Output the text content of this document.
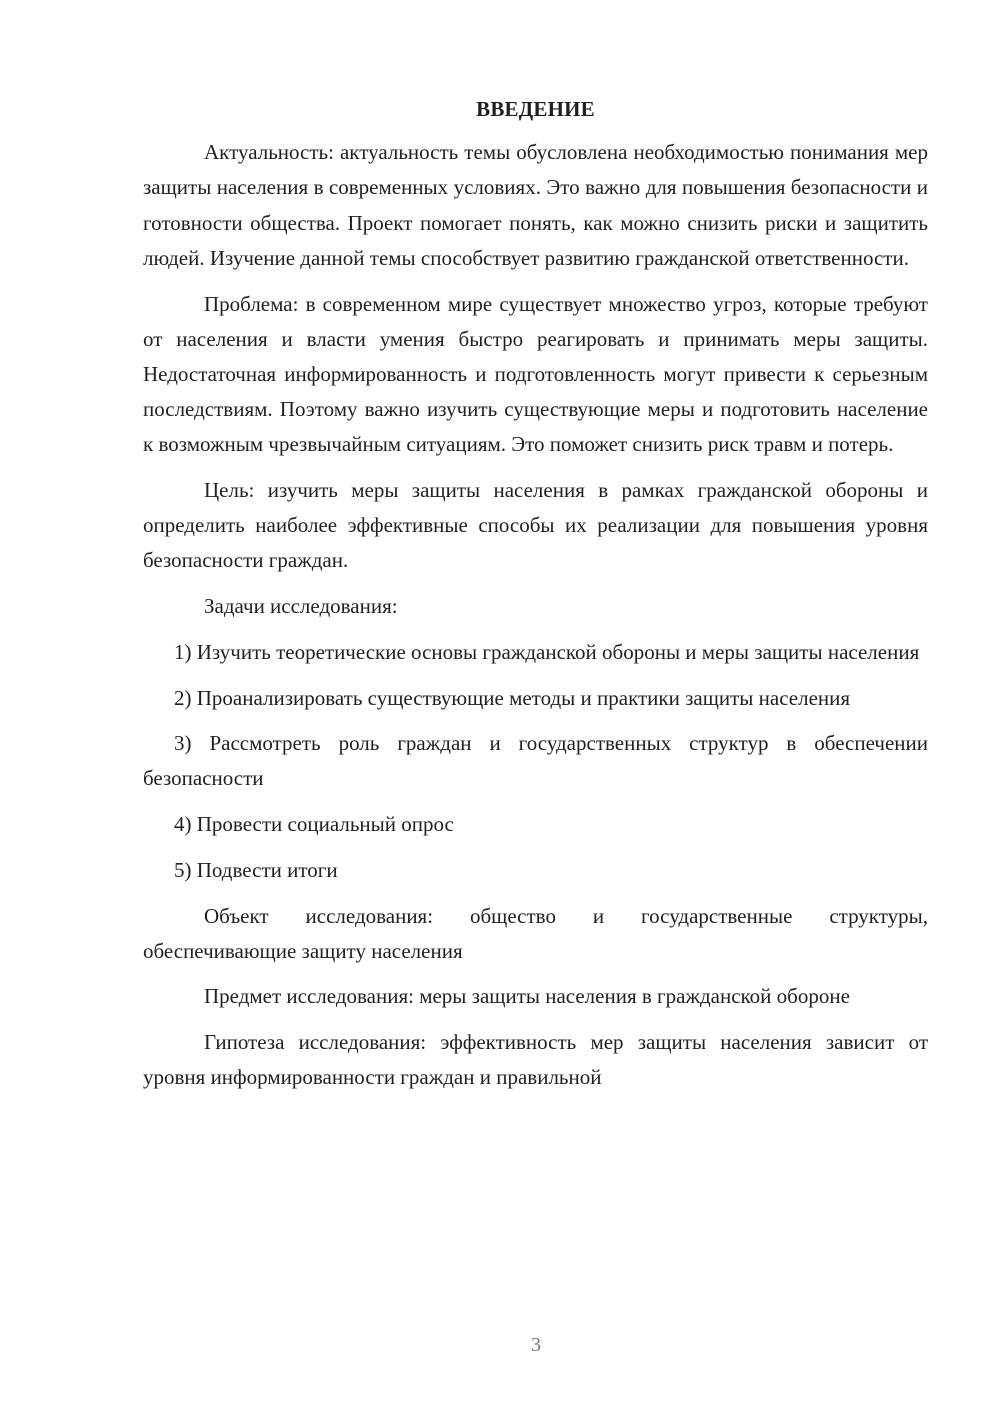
ВВЕДЕНИЕ

Актуальность: актуальность темы обусловлена необходимостью понимания мер защиты населения в современных условиях. Это важно для повышения безопасности и готовности общества. Проект помогает понять, как можно снизить риски и защитить людей. Изучение данной темы способствует развитию гражданской ответственности.

Проблема: в современном мире существует множество угроз, которые требуют от населения и власти умения быстро реагировать и принимать меры защиты. Недостаточная информированность и подготовленность могут привести к серьезным последствиям. Поэтому важно изучить существующие меры и подготовить население к возможным чрезвычайным ситуациям. Это поможет снизить риск травм и потерь.

Цель: изучить меры защиты населения в рамках гражданской обороны и определить наиболее эффективные способы их реализации для повышения уровня безопасности граждан.

Задачи исследования:

1) Изучить теоретические основы гражданской обороны и меры защиты населения

2) Проанализировать существующие методы и практики защиты населения

3) Рассмотреть роль граждан и государственных структур в обеспечении безопасности

4) Провести социальный опрос

5) Подвести итоги

Объект исследования: общество и государственные структуры, обеспечивающие защиту населения

Предмет исследования: меры защиты населения в гражданской обороне

Гипотеза исследования: эффективность мер защиты населения зависит от уровня информированности граждан и правильной

3
